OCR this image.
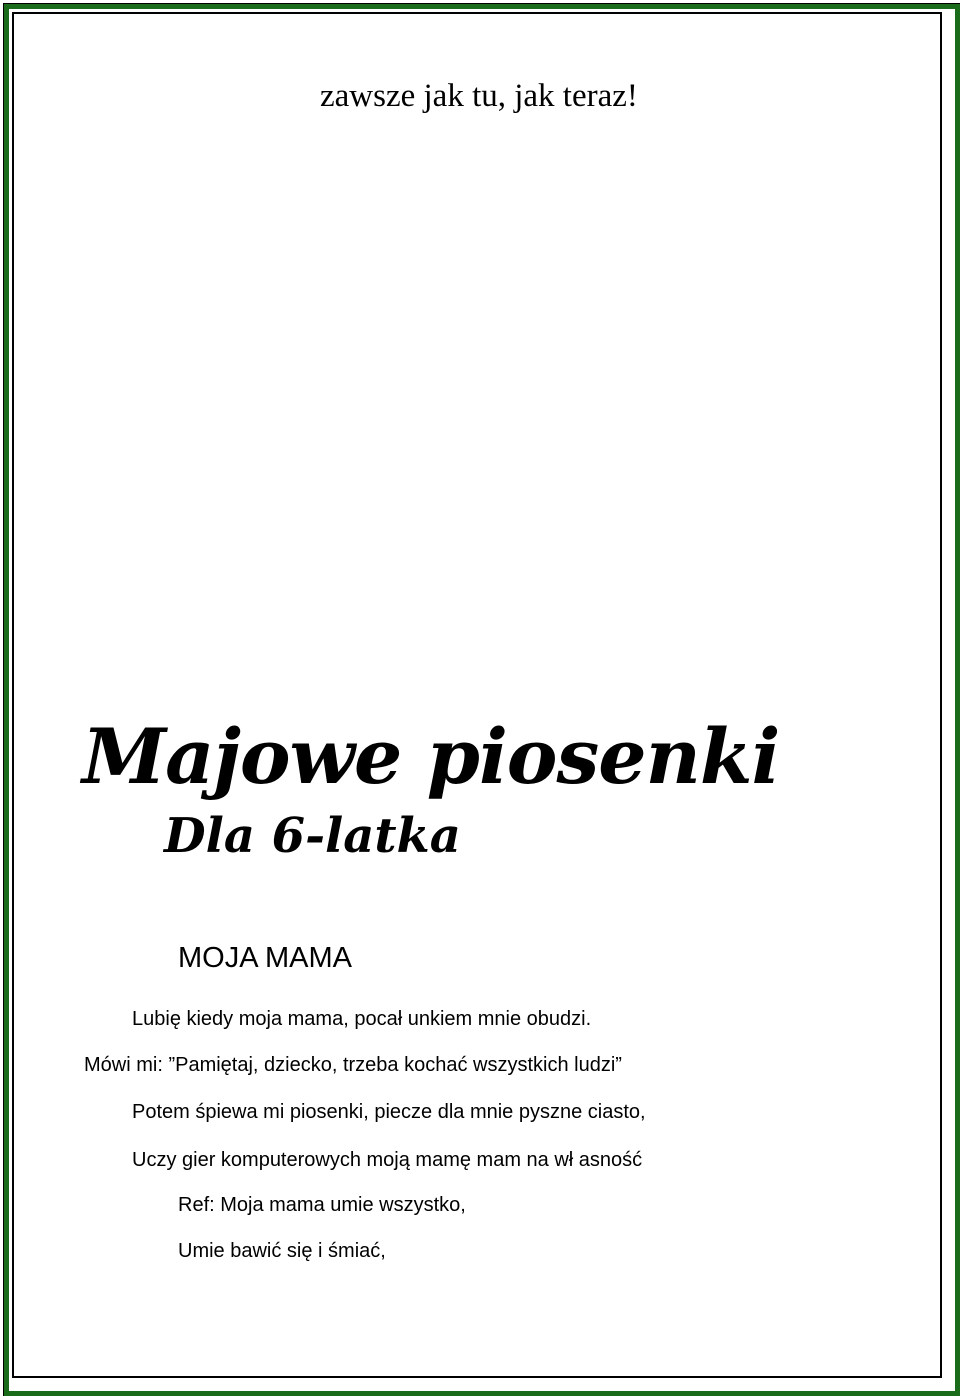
zawsze jak tu, jak teraz!
Majowe piosenki
Dla 6-latka
MOJA MAMA
Lubię kiedy moja mama, pocał unkiem mnie obudzi.
Mówi mi: ”Pamiętaj, dziecko, trzeba kochać wszystkich ludzi”
Potem śpiewa mi piosenki, piecze dla mnie pyszne ciasto,
Uczy gier komputerowych moją mamę mam na wł asność
Ref: Moja mama umie wszystko,
Umie bawić się i śmiać,
